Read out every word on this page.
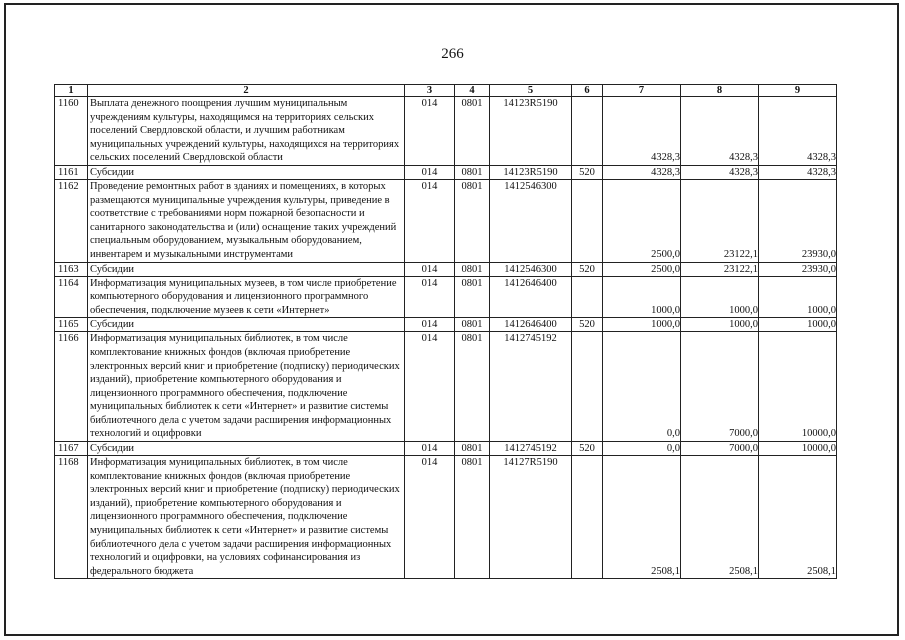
266
1	2	3	4	5	6	7	8	9
1160	Выплата денежного поощрения лучшим муниципальным учреждениям культуры, находящимся на территориях сельских поселений Свердловской области, и лучшим работникам муниципальных учреждений культуры, находящихся на территориях сельских поселений Свердловской области	014	0801	14123R5190		4328,3	4328,3	4328,3
1161	Субсидии	014	0801	14123R5190	520	4328,3	4328,3	4328,3
1162	Проведение ремонтных работ в зданиях и помещениях, в которых размещаются муниципальные учреждения культуры, приведение в соответствие с требованиями норм пожарной безопасности и санитарного законодательства и (или) оснащение таких учреждений специальным оборудованием, музыкальным оборудованием, инвентарем и музыкальными инструментами	014	0801	1412546300		2500,0	23122,1	23930,0
1163	Субсидии	014	0801	1412546300	520	2500,0	23122,1	23930,0
1164	Информатизация муниципальных музеев, в том числе приобретение компьютерного оборудования и лицензионного программного обеспечения, подключение музеев к сети «Интернет»	014	0801	1412646400		1000,0	1000,0	1000,0
1165	Субсидии	014	0801	1412646400	520	1000,0	1000,0	1000,0
1166	Информатизация муниципальных библиотек, в том числе комплектование книжных фондов (включая приобретение электронных версий книг и приобретение (подписку) периодических изданий), приобретение компьютерного оборудования и лицензионного программного обеспечения, подключение муниципальных библиотек к сети «Интернет» и развитие системы библиотечного дела с учетом задачи расширения информационных технологий и оцифровки	014	0801	1412745192		0,0	7000,0	10000,0
1167	Субсидии	014	0801	1412745192	520	0,0	7000,0	10000,0
1168	Информатизация муниципальных библиотек, в том числе комплектование книжных фондов (включая приобретение электронных версий книг и приобретение (подписку) периодических изданий), приобретение компьютерного оборудования и лицензионного программного обеспечения, подключение муниципальных библиотек к сети «Интернет» и развитие системы библиотечного дела с учетом задачи расширения информационных технологий и оцифровки, на условиях софинансирования из федерального бюджета	014	0801	14127R5190		2508,1	2508,1	2508,1
